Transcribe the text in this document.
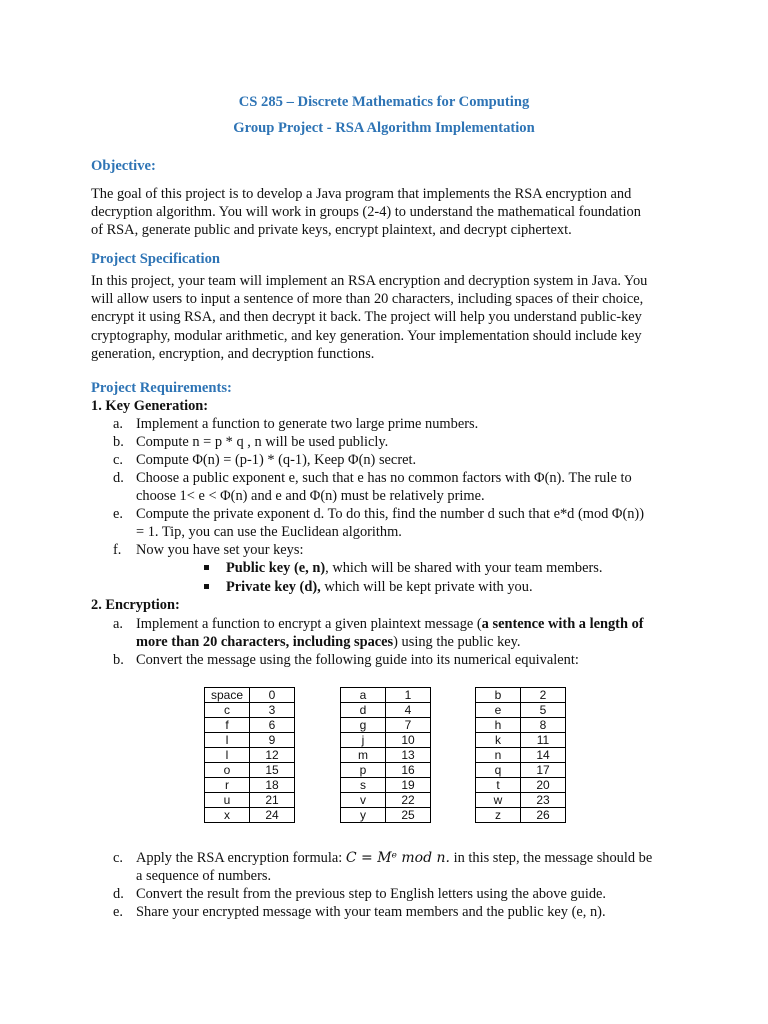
CS 285 – Discrete Mathematics for Computing
Group Project - RSA Algorithm Implementation
Objective:
The goal of this project is to develop a Java program that implements the RSA encryption and
decryption algorithm. You will work in groups (2-4) to understand the mathematical foundation
of RSA, generate public and private keys, encrypt plaintext, and decrypt ciphertext.
Project Specification
In this project, your team will implement an RSA encryption and decryption system in Java. You
will allow users to input a sentence of more than 20 characters, including spaces of their choice,
encrypt it using RSA, and then decrypt it back. The project will help you understand public-key
cryptography, modular arithmetic, and key generation. Your implementation should include key
generation, encryption, and decryption functions.
Project Requirements:
1. Key Generation:
a. Implement a function to generate two large prime numbers.
b. Compute n = p * q , n will be used publicly.
c. Compute Φ(n) = (p-1) * (q-1), Keep Φ(n) secret.
d. Choose a public exponent e, such that e has no common factors with Φ(n). The rule to
choose 1< e < Φ(n) and e and Φ(n) must be relatively prime.
e. Compute the private exponent d. To do this, find the number d such that e*d (mod Φ(n))
= 1. Tip, you can use the Euclidean algorithm.
f.	Now you have set your keys:
Public key (e, n), which will be shared with your team members.
Private key (d), which will be kept private with you.
2. Encryption:
a. Implement a function to encrypt a given plaintext message (a sentence with a length of
more than 20 characters, including spaces) using the public key.
b. Convert the message using the following guide into its numerical equivalent:
space	0
c	3
f	6
I	9
l	12
o	15
r	18
u	21
x	24
a	1
d	4
g	7
j	10
m	13
p	16
s	19
v	22
y	25
b	2
e	5
h	8
k	11
n	14
q	17
t	20
w	23
z	26
c. Apply the RSA encryption formula: C = Mᵉ mod n. in this step, the message should be
a sequence of numbers.
d. Convert the result from the previous step to English letters using the above guide.
e. Share your encrypted message with your team members and the public key (e, n).
